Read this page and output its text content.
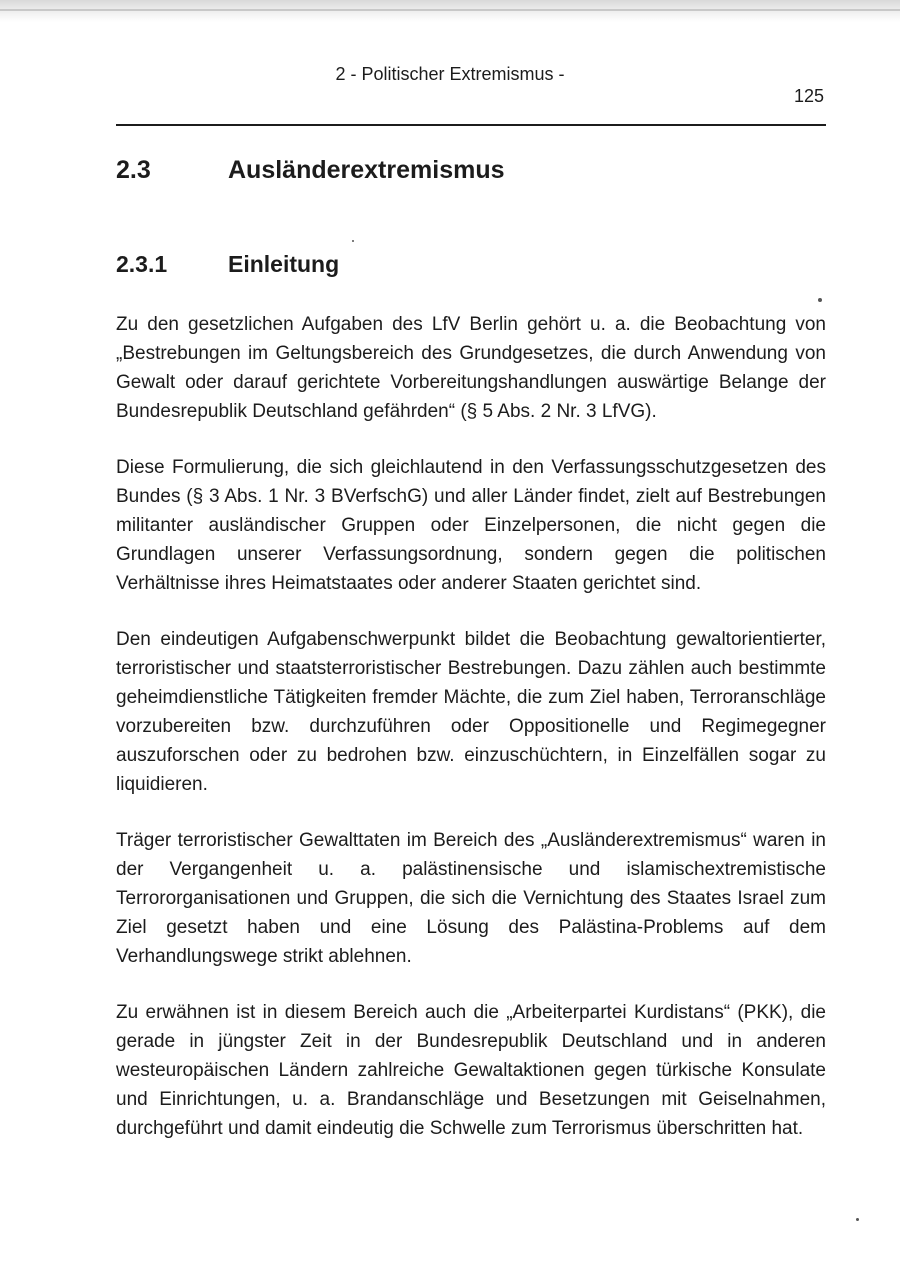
2 - Politischer Extremismus -
125
2.3	Ausländerextremismus
2.3.1	Einleitung

Zu den gesetzlichen Aufgaben des LfV Berlin gehört u. a. die Beobachtung von „Bestrebungen im Geltungsbereich des Grundgesetzes, die durch Anwendung von Gewalt oder darauf gerichtete Vorbereitungshandlungen auswärtige Belange der Bundesrepublik Deutschland gefährden“ (§ 5 Abs. 2 Nr. 3 LfVG).

Diese Formulierung, die sich gleichlautend in den Verfassungsschutzgesetzen des Bundes (§ 3 Abs. 1 Nr. 3 BVerfschG) und aller Länder findet, zielt auf Bestrebungen militanter ausländischer Gruppen oder Einzelpersonen, die nicht gegen die Grundlagen unserer Verfassungsordnung, sondern gegen die politischen Verhältnisse ihres Heimatstaates oder anderer Staaten gerichtet sind.

Den eindeutigen Aufgabenschwerpunkt bildet die Beobachtung gewaltorientierter, terroristischer und staatsterroristischer Bestrebungen. Dazu zählen auch bestimmte geheimdienstliche Tätigkeiten fremder Mächte, die zum Ziel haben, Terroranschläge vorzubereiten bzw. durchzuführen oder Oppositionelle und Regimegegner auszuforschen oder zu bedrohen bzw. einzuschüchtern, in Einzelfällen sogar zu liquidieren.

Träger terroristischer Gewalttaten im Bereich des „Ausländerextremismus“ waren in der Vergangenheit u. a. palästinensische und islamischextremistische Terrororganisationen und Gruppen, die sich die Vernichtung des Staates Israel zum Ziel gesetzt haben und eine Lösung des Palästina-Problems auf dem Verhandlungswege strikt ablehnen.

Zu erwähnen ist in diesem Bereich auch die „Arbeiterpartei Kurdistans“ (PKK), die gerade in jüngster Zeit in der Bundesrepublik Deutschland und in anderen westeuropäischen Ländern zahlreiche Gewaltaktionen gegen türkische Konsulate und Einrichtungen, u. a. Brandanschläge und Besetzungen mit Geiselnahmen, durchgeführt und damit eindeutig die Schwelle zum Terrorismus überschritten hat.
